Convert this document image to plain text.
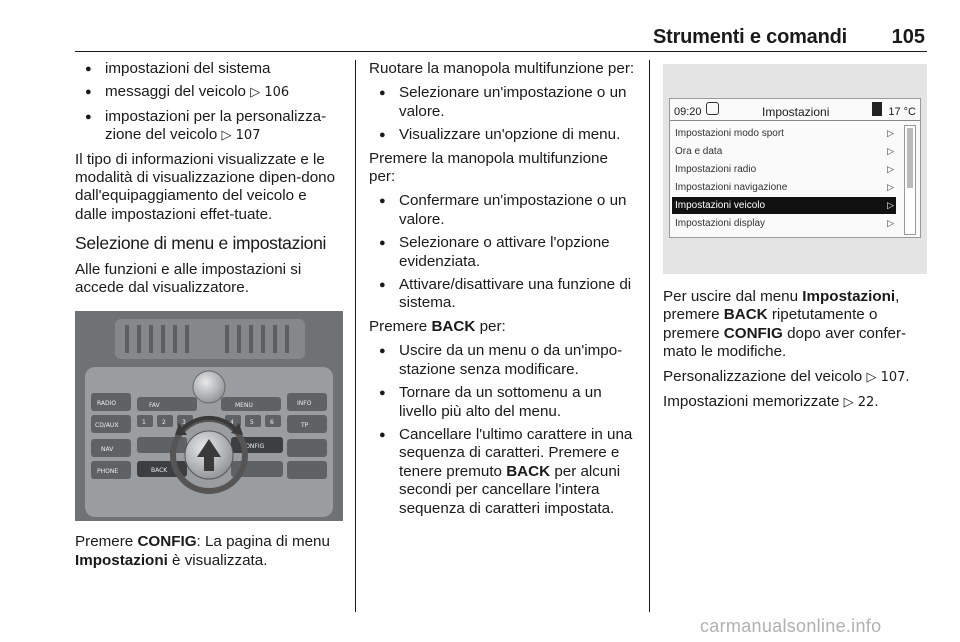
Strumenti e comandi 105
● impostazioni del sistema
● messaggi del veicolo ▷ 106
● impostazioni per la personalizza-zione del veicolo ▷ 107

Il tipo di informazioni visualizzate e le modalità di visualizzazione dipen-dono dall'equipaggiamento del veicolo e dalle impostazioni effet-tuate.

Selezione di menu e impostazioni

Alle funzioni e alle impostazioni si accede dal visualizzatore.

RADIO
CD/AUX
NAV
PHONE
INFO
TP
FAV	MENU
1	2	3	4	5	6
CONFIG
BACK

Premere CONFIG: La pagina di menu Impostazioni è visualizzata.

Ruotare la manopola multifunzione per:

● Selezionare un'impostazione o un valore.
● Visualizzare un'opzione di menu.

Premere la manopola multifunzione per:

● Confermare un'impostazione o un valore.
● Selezionare o attivare l'opzione evidenziata.
● Attivare/disattivare una funzione di sistema.

Premere BACK per:

● Uscire da un menu o da un'impo-stazione senza modificare.
● Tornare da un sottomenu a un livello più alto del menu.
● Cancellare l'ultimo carattere in una sequenza di caratteri. Premere e tenere premuto BACK per alcuni secondi per cancellare l'intera sequenza di caratteri impostata.
09:20	Impostazioni	17 °C
Impostazioni modo sport	▷
Ora e data	▷
Impostazioni radio	▷
Impostazioni navigazione	▷
Impostazioni veicolo	▷
Impostazioni display	▷

Per uscire dal menu Impostazioni, premere BACK ripetutamente o premere CONFIG dopo aver confer-mato le modifiche.

Personalizzazione del veicolo ▷ 107.

Impostazioni memorizzate ▷ 22.

carmanualsonline.info
